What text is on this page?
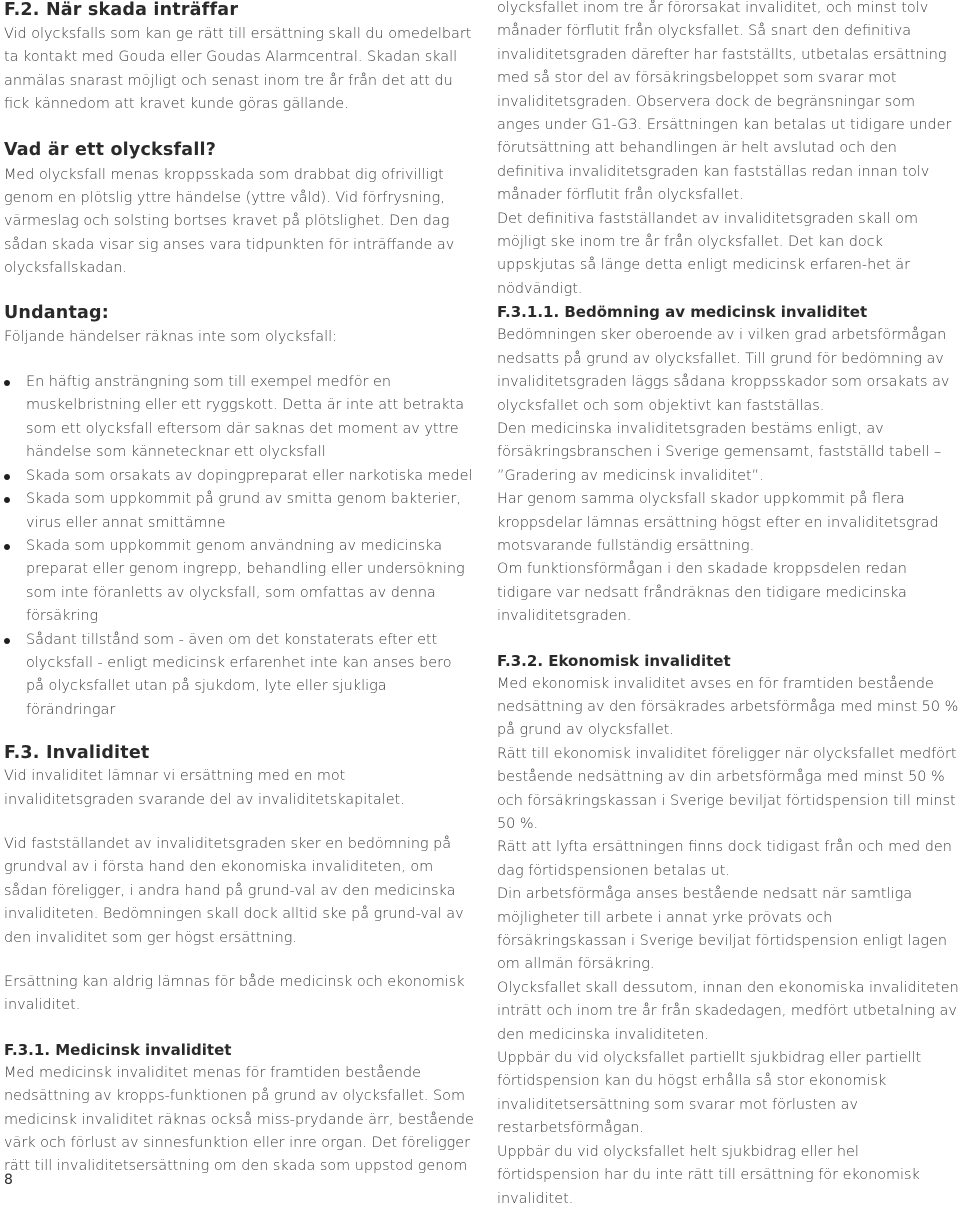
F.2. När skada inträffar

Vid olycksfalls som kan ge rätt till ersättning skall du omedelbart ta kontakt med Gouda eller Goudas Alarmcentral. Skadan skall anmälas snarast möjligt och senast inom tre år från det att du fick kännedom att kravet kunde göras gällande.

Vad är ett olycksfall?

Med olycksfall menas kroppsskada som drabbat dig ofrivilligt genom en plötslig yttre händelse (yttre våld). Vid förfrysning, värmeslag och solsting bortses kravet på plötslighet. Den dag sådan skada visar sig anses vara tidpunkten för inträffande av olycksfallskadan.

Undantag:

Följande händelser räknas inte som olycksfall:

En häftig ansträngning som till exempel medför en muskelbristning eller ett ryggskott. Detta är inte att betrakta som ett olycksfall eftersom där saknas det moment av yttre händelse som kännetecknar ett olycksfall
Skada som orsakats av dopingpreparat eller narkotiska medel
Skada som uppkommit på grund av smitta genom bakterier, virus eller annat smittämne
Skada som uppkommit genom användning av medicinska preparat eller genom ingrepp, behandling eller undersökning som inte föranletts av olycksfall, som omfattas av denna försäkring
Sådant tillstånd som - även om det konstaterats efter ett olycksfall - enligt medicinsk erfarenhet inte kan anses bero på olycksfallet utan på sjukdom, lyte eller sjukliga förändringar
F.3. Invaliditet

Vid invaliditet lämnar vi ersättning med en mot invaliditetsgraden svarande del av invaliditetskapitalet.

Vid fastställandet av invaliditetsgraden sker en bedömning på grundval av i första hand den ekonomiska invaliditeten, om sådan föreligger, i andra hand på grund-val av den medicinska invaliditeten. Bedömningen skall dock alltid ske på grund-val av den invaliditet som ger högst ersättning.

Ersättning kan aldrig lämnas för både medicinsk och ekonomisk invaliditet.

F.3.1. Medicinsk invaliditet

Med medicinsk invaliditet menas för framtiden bestående nedsättning av kropps-funktionen på grund av olycksfallet. Som medicinsk invaliditet räknas också miss-prydande ärr, bestående värk och förlust av sinnesfunktion eller inre organ. Det föreligger rätt till invaliditetsersättning om den skada som uppstod genom

olycksfallet inom tre år förorsakat invaliditet, och minst tolv månader förflutit från olycksfallet. Så snart den definitiva invaliditetsgraden därefter har fastställts, utbetalas ersättning med så stor del av försäkringsbeloppet som svarar mot invaliditetsgraden. Observera dock de begränsningar som anges under G1-G3. Ersättningen kan betalas ut tidigare under förutsättning att behandlingen är helt avslutad och den definitiva invaliditetsgraden kan fastställas redan innan tolv månader förflutit från olycksfallet.

Det definitiva fastställandet av invaliditetsgraden skall om möjligt ske inom tre år från olycksfallet. Det kan dock uppskjutas så länge detta enligt medicinsk erfaren-het är nödvändigt.

F.3.1.1. Bedömning av medicinsk invaliditet

Bedömningen sker oberoende av i vilken grad arbetsförmågan nedsatts på grund av olycksfallet. Till grund för bedömning av invaliditetsgraden läggs sådana kroppsskador som orsakats av olycksfallet och som objektivt kan fastställas.

Den medicinska invaliditetsgraden bestäms enligt, av försäkringsbranschen i Sverige gemensamt, fastställd tabell – ”Gradering av medicinsk invaliditet”.

Har genom samma olycksfall skador uppkommit på flera kroppsdelar lämnas ersättning högst efter en invaliditetsgrad motsvarande fullständig ersättning.

Om funktionsförmågan i den skadade kroppsdelen redan tidigare var nedsatt fråndräknas den tidigare medicinska invaliditetsgraden.

F.3.2. Ekonomisk invaliditet

Med ekonomisk invaliditet avses en för framtiden bestående nedsättning av den försäkrades arbetsförmåga med minst 50 % på grund av olycksfallet.

Rätt till ekonomisk invaliditet föreligger när olycksfallet medfört bestående nedsättning av din arbetsförmåga med minst 50 % och försäkringskassan i Sverige beviljat förtidspension till minst 50 %.

Rätt att lyfta ersättningen finns dock tidigast från och med den dag förtidspensionen betalas ut.

Din arbetsförmåga anses bestående nedsatt när samtliga möjligheter till arbete i annat yrke prövats och försäkringskassan i Sverige beviljat förtidspension enligt lagen om allmän försäkring.

Olycksfallet skall dessutom, innan den ekonomiska invaliditeten inträtt och inom tre år från skadedagen, medfört utbetalning av den medicinska invaliditeten.

Uppbär du vid olycksfallet partiellt sjukbidrag eller partiellt förtidspension kan du högst erhålla så stor ekonomisk invaliditetsersättning som svarar mot förlusten av restarbetsförmågan.

Uppbär du vid olycksfallet helt sjukbidrag eller hel förtidspension har du inte rätt till ersättning för ekonomisk invaliditet.

8
